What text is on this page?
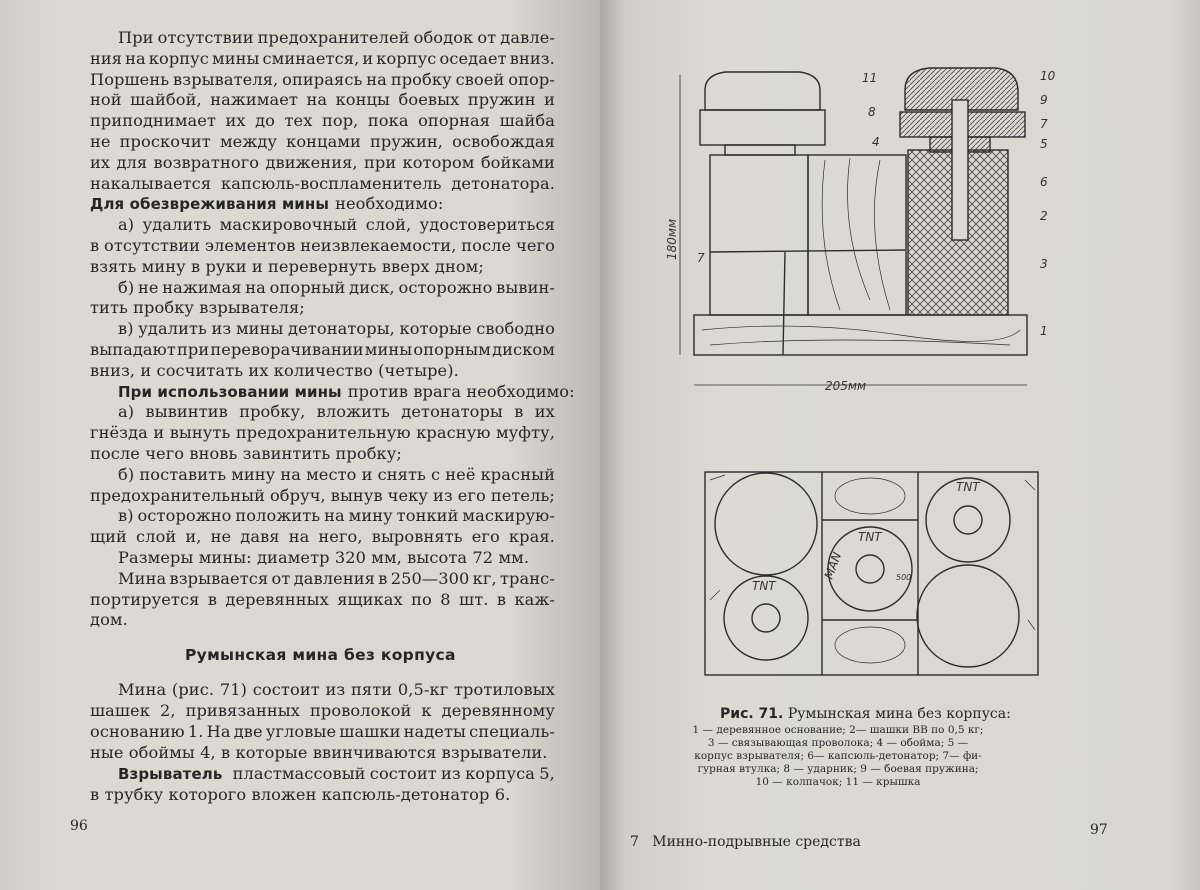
При отсутствии предохранителей ободок от давле-
ния на корпус мины сминается, и корпус оседает вниз.
Поршень взрывателя, опираясь на пробку своей опор-
ной шайбой, нажимает на концы боевых пружин и
приподнимает их до тех пор, пока опорная шайба
не проскочит между концами пружин, освобождая
их для возвратного движения, при котором бойками
накалывается капсюль-воспламенитель детонатора.
Для обезвреживания мины необходимо:
а) удалить маскировочный слой, удостовериться
в отсутствии элементов неизвлекаемости, после чего
взять мину в руки и перевернуть вверх дном;
б) не нажимая на опорный диск, осторожно вывин-
тить пробку взрывателя;
в) удалить из мины детонаторы, которые свободно
выпадают при переворачивании мины опорным диском
вниз, и сосчитать их количество (четыре).
При использовании мины против врага необходимо:
а) вывинтив пробку, вложить детонаторы в их
гнёзда и вынуть предохранительную красную муфту,
после чего вновь завинтить пробку;
б) поставить мину на место и снять с неё красный
предохранительный обруч, вынув чеку из его петель;
в) осторожно положить на мину тонкий маскирую-
щий слой и, не давя на него, выровнять его края.
Размеры мины: диаметр 320 мм, высота 72 мм.
Мина взрывается от давления в 250—300 кг, транс-
портируется в деревянных ящиках по 8 шт. в каж-
дом.
Мина (рис. 71) состоит из пяти 0,5-кг тротиловых
шашек 2, привязанных проволокой к деревянному
основанию 1. На две угловые шашки надеты специаль-
ные обоймы 4, в которые ввинчиваются взрыватели.
Взрыватель пластмассовый состоит из корпуса 5,
в трубку которого вложен капсюль-детонатор 6.
Румынская мина без корпуса
96
180мм
205мм
1
2
3
4	5
6
7
8
9
10
11
7
TNT
TNT
TNT
MAN	500
Рис. 71. Румынская мина без корпуса:
1 — деревянное основание; 2— шашки ВВ по 0,5 кг;
3 — связывающая проволока; 4 — обойма; 5 —
корпус взрывателя; 6— капсюль-детонатор; 7— фи-
гурная втулка; 8 — ударник; 9 — боевая пружина;
10 — колпачок; 11 — крышка
7   Минно-подрывные средства
97
